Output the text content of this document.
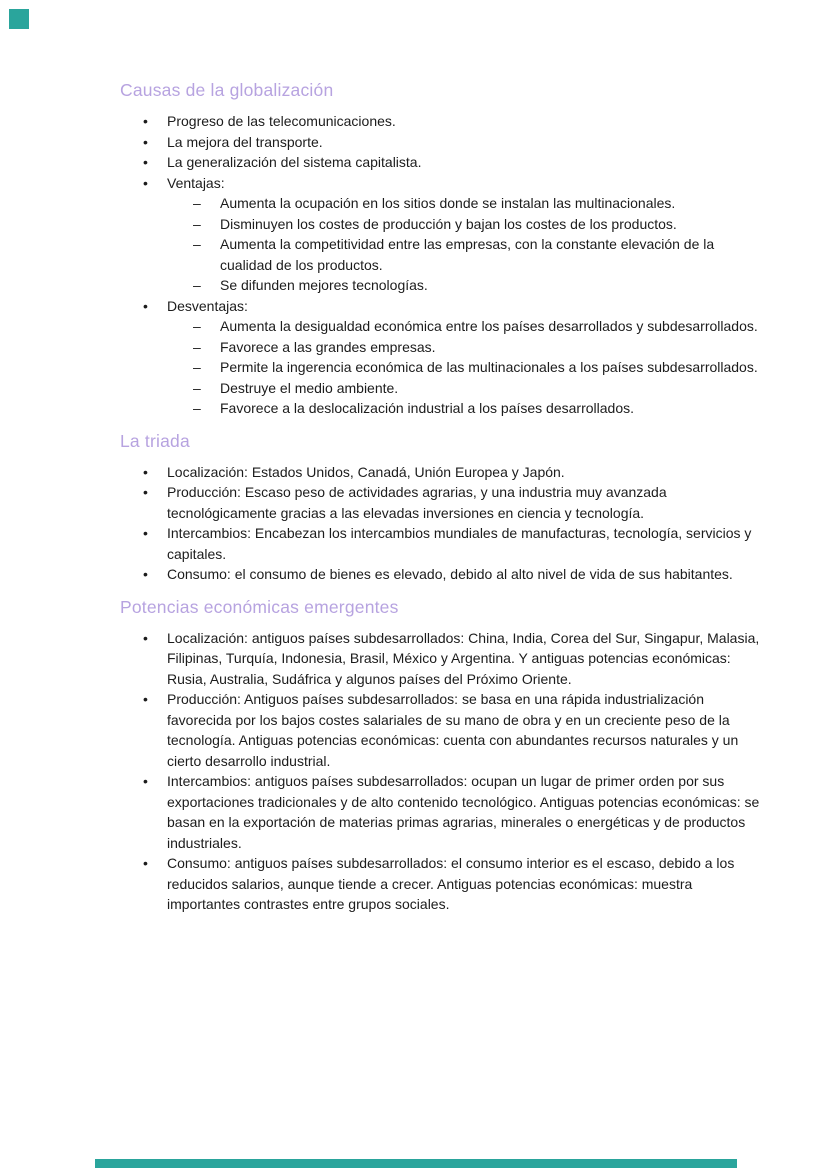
Causas de la globalización
•	Progreso de las telecomunicaciones.
•	La mejora del transporte.
•	La generalización del sistema capitalista.
•	Ventajas:
–	Aumenta la ocupación en los sitios donde se instalan las multinacionales.
–	Disminuyen los costes de producción y bajan los costes de los productos.
–	Aumenta la competitividad entre las empresas, con la constante elevación de la cualidad de los productos.
–	Se difunden mejores tecnologías.
•	Desventajas:
–	Aumenta la desigualdad económica entre los países desarrollados y subdesarrollados.
–	Favorece a las grandes empresas.
–	Permite la ingerencia económica de las multinacionales a los países subdesarrollados.
–	Destruye el medio ambiente.
–	Favorece a la deslocalización industrial a los países desarrollados.
La triada
•	Localización: Estados Unidos, Canadá, Unión Europea y Japón.
•	Producción: Escaso peso de actividades agrarias, y una industria muy avanzada tecnológicamente gracias a las elevadas inversiones en ciencia y tecnología.
•	Intercambios: Encabezan los intercambios mundiales de manufacturas, tecnología, servicios y capitales.
•	Consumo: el consumo de bienes es elevado, debido al alto nivel de vida de sus habitantes.
Potencias económicas emergentes
•	Localización: antiguos países subdesarrollados: China, India, Corea del Sur, Singapur, Malasia, Filipinas, Turquía, Indonesia, Brasil, México y Argentina. Y antiguas potencias económicas: Rusia, Australia, Sudáfrica y algunos países del Próximo Oriente.
•	Producción: Antiguos países subdesarrollados: se basa en una rápida industrialización favorecida por los bajos costes salariales de su mano de obra y en un creciente peso de la tecnología. Antiguas potencias económicas: cuenta con abundantes recursos naturales y un cierto desarrollo industrial.
•	Intercambios: antiguos países subdesarrollados: ocupan un lugar de primer orden por sus exportaciones tradicionales y de alto contenido tecnológico. Antiguas potencias económicas: se basan en la exportación de materias primas agrarias, minerales o energéticas y de productos industriales.
•	Consumo: antiguos países subdesarrollados: el consumo interior es el escaso, debido a los reducidos salarios, aunque tiende a crecer. Antiguas potencias económicas: muestra importantes contrastes entre grupos sociales.
